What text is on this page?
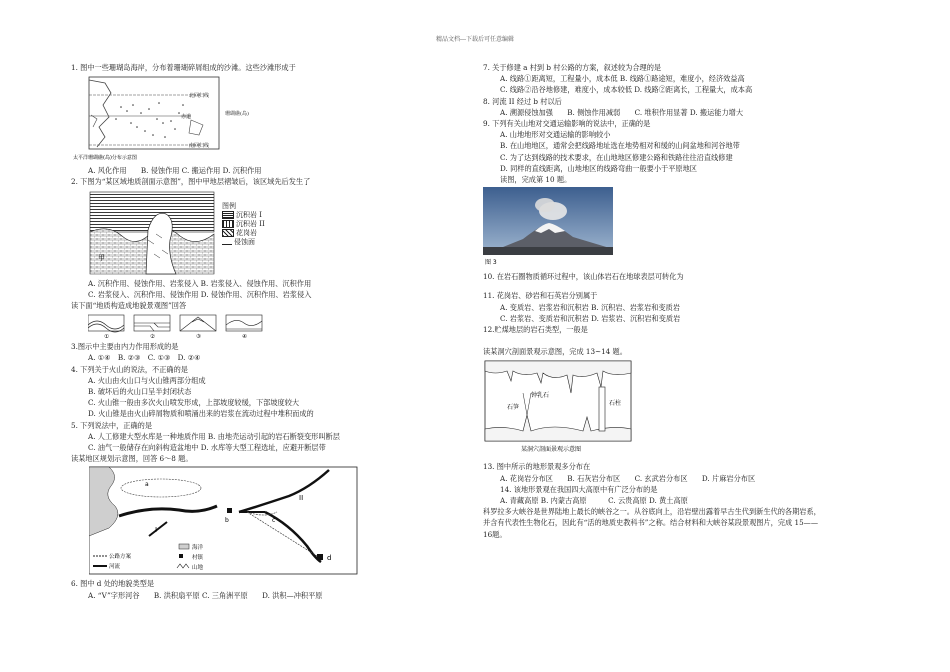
精品文档---下载后可任意编辑
1. 图中一些珊瑚岛海岸，分布着珊瑚碎屑组成的沙滩。这些沙滩形成于
北回归线
赤道
南回归线
太平洋珊瑚礁(岛)分布示意图
珊瑚礁(岛)
A. 风化作用　　B. 侵蚀作用 C. 搬运作用 D. 沉积作用
2. 下图为“某区域地质剖面示意图”，图中甲地层褶皱后，该区域先后发生了
甲
图例
沉积岩 I
沉积岩 II
花岗岩
侵蚀面
A. 沉积作用、侵蚀作用、岩浆侵入 B. 岩浆侵入、侵蚀作用、沉积作用
C. 岩浆侵入、沉积作用、侵蚀作用 D. 侵蚀作用、沉积作用、岩浆侵入
读下面“地质构造成地貌景观图”回答
①	②	③	④
3.图示中主要由内力作用形成的是
A. ①④　B. ②③　C. ①③　D. ②④
4. 下列关于火山的说法，不正确的是
A. 火山由火山口与火山锥两部分组成
B. 破坏后的火山口呈半封闭状态
C. 火山锥一般由多次火山喷发形成，上部坡度较缓，下部坡度较大
D. 火山锥是由火山碎屑物质和喷涌出来的岩浆在流动过程中堆积而成的
5. 下列说法中，正确的是
A. 人工修建大型水库是一种地质作用 B. 由地壳运动引起的岩石断裂变形叫断层
C. 油气一般储存在向斜构造盆地中 D. 水库等大型工程选址，应避开断层带
读某地区规划示意图，回答 6～8 题。
a
b	c
d
I
II
海洋
公路方案	村镇
河流	山地
6. 图中 d 处的地貌类型是
A. “V”字形河谷　　B. 洪积扇平原 C. 三角洲平原　　D. 洪积—冲积平原
7. 关于修建 a 村到 b 村公路的方案，叙述较为合理的是
A. 线路①距离短，工程量小，成本低 B. 线路①路途短，难度小，经济效益高
C. 线路②沿谷地修建，难度小，成本较低 D. 线路②距离长，工程量大，成本高
8. 河流 II 经过 b 村以后
A. 溯源侵蚀加强　　B. 侧蚀作用减弱　　C. 堆积作用显著 D. 搬运能力增大
9. 下列有关山地对交通运输影响的说法中，正确的是
A. 山地地形对交通运输的影响较小
B. 在山地地区，通常会把线路地址选在地势相对和缓的山间盆地和河谷地带
C. 为了达到线路的技术要求，在山地地区修建公路和铁路往往沿直线修建
D. 同样的直线距离，山地地区的线路弯曲一般要小于平原地区
读图，完成第 10 题。
图 3
10. 在岩石圈物质循环过程中，该山体岩石在地球表层可转化为
11. 花岗岩、砂岩和石英岩分别属于
A. 变质岩、岩浆岩和沉积岩 B. 沉积岩、岩浆岩和变质岩
C. 岩浆岩、变质岩和沉积岩 D. 岩浆岩、沉积岩和变质岩
12.贮煤地层的岩石类型，一般是
读某洞穴剖面景观示意图，完成 13~14 题。
钟乳石
石笋
石柱
某洞穴剖面景观示意图
13. 图中所示的地形景观多分布在
A. 花岗岩分布区　　B. 石灰岩分布区　　C. 玄武岩分布区　　D. 片麻岩分布区
14. 该地形景观在我国四大高原中有广泛分布的是
A. 青藏高原 B. 内蒙古高原　　　C. 云贵高原 D. 黄土高原
科罗拉多大峡谷是世界陆地上最长的峡谷之一。从谷底向上，沿岩壁出露着早古生代到新生代的各期岩系，
并含有代表性生物化石，因此有“活的地质史教科书”之称。结合材料和大峡谷某段景观图片，完成 15——
16题。
